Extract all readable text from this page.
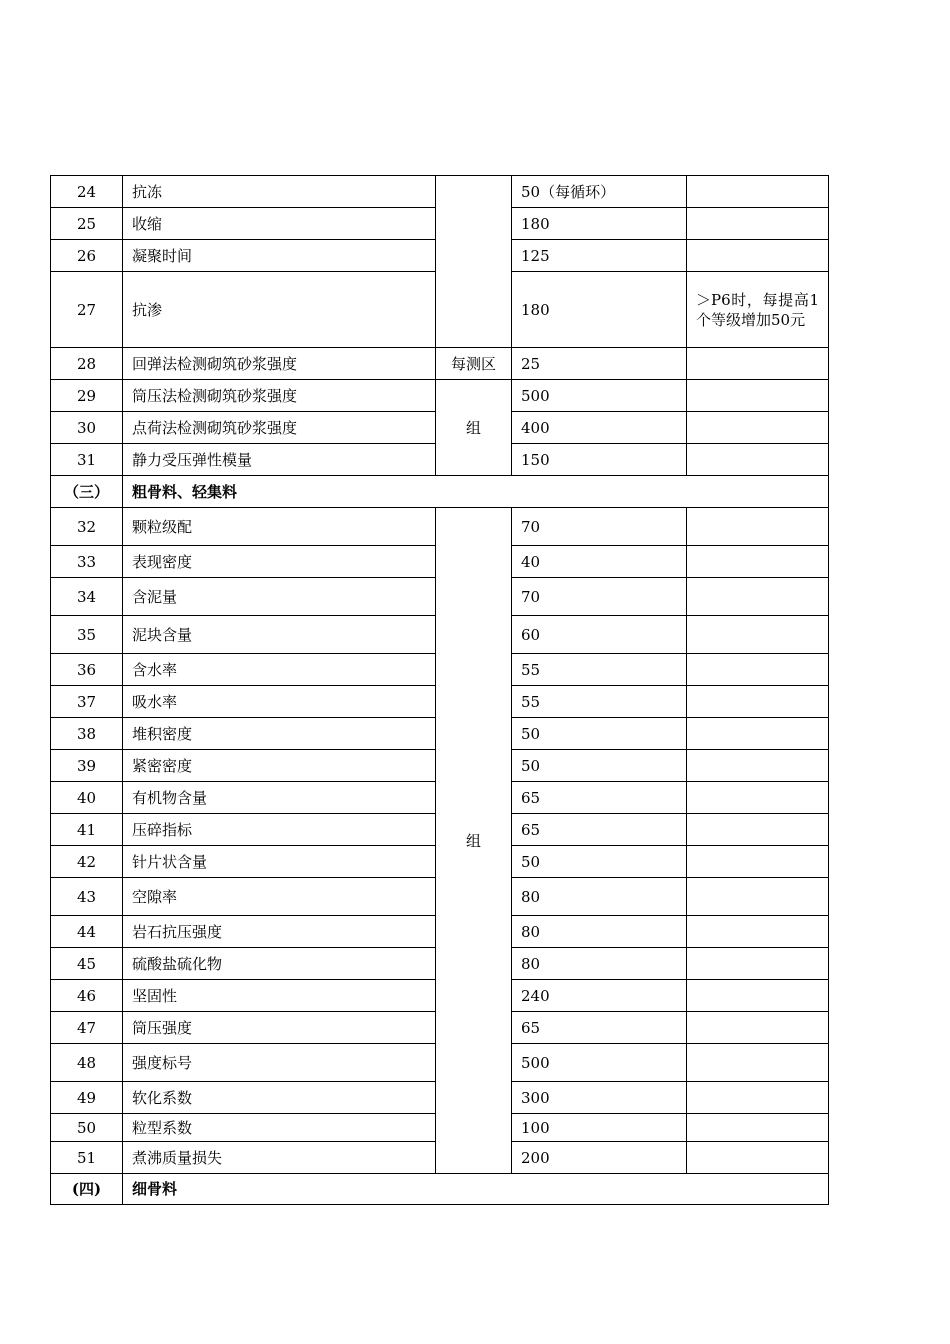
24	抗冻		50（每循环）	
25	收缩		180	
26	凝聚时间		125	
27	抗渗		180	＞P6时，每提高1个等级增加50元
28	回弹法检测砌筑砂浆强度	每测区	25	
29	筒压法检测砌筑砂浆强度	组	500	
30	点荷法检测砌筑砂浆强度		400	
31	静力受压弹性模量		150	
（三）	粗骨料、轻集料			
32	颗粒级配	组	70	
33	表现密度		40	
34	含泥量		70	
35	泥块含量		60	
36	含水率		55	
37	吸水率		55	
38	堆积密度		50	
39	紧密密度		50	
40	有机物含量		65	
41	压碎指标		65	
42	针片状含量		50	
43	空隙率		80	
44	岩石抗压强度		80	
45	硫酸盐硫化物		80	
46	坚固性		240	
47	筒压强度		65	
48	强度标号		500	
49	软化系数		300	
50	粒型系数		100	
51	煮沸质量损失		200	
(四)	细骨料			
